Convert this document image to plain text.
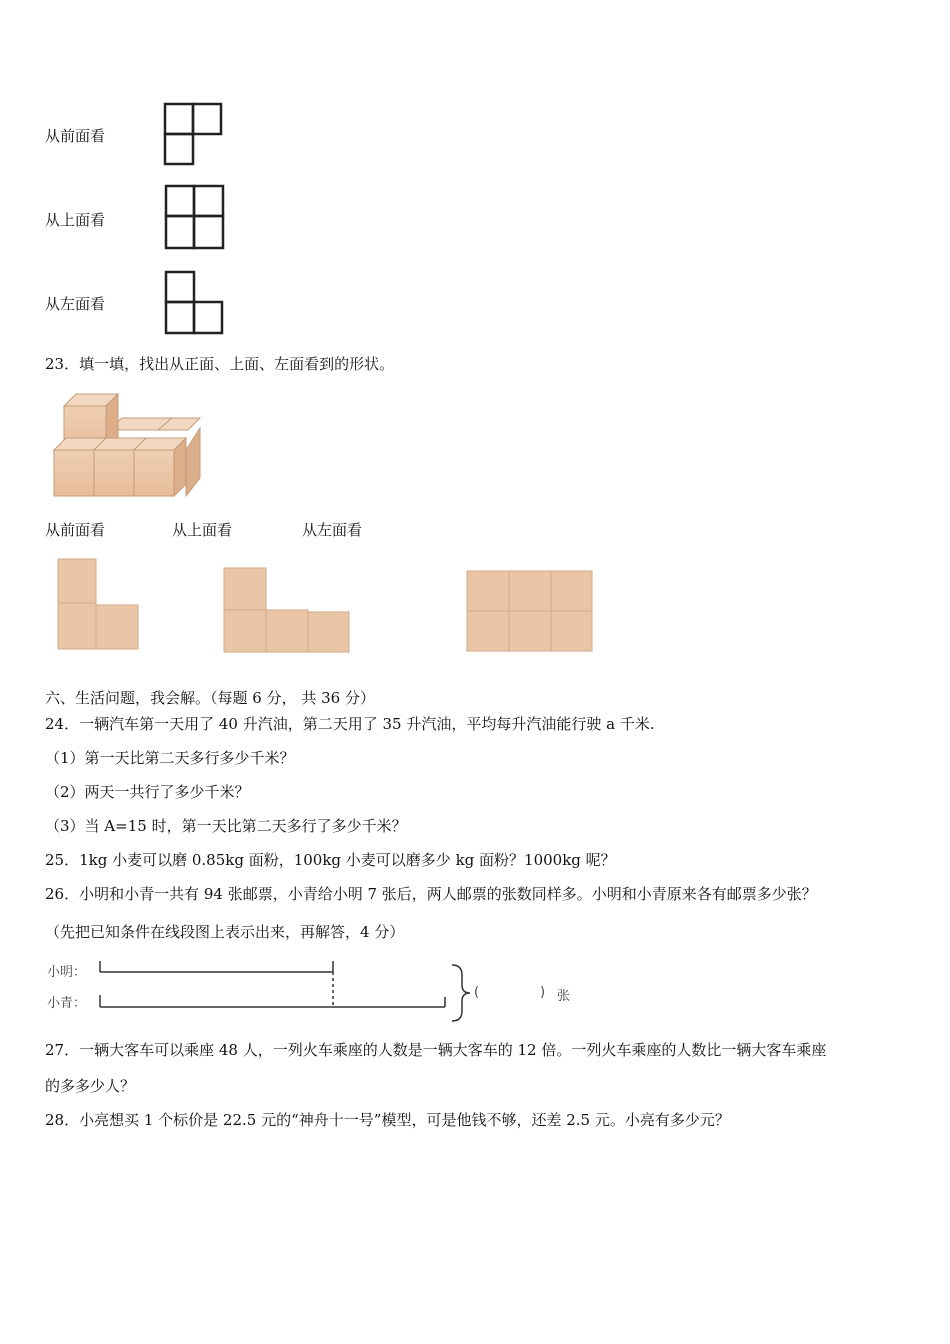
从前面看
从上面看
从左面看
23．填一填，找出从正面、上面、左面看到的形状。
从前面看	从上面看	从左面看
六、生活问题，我会解。（每题 6 分， 共 36 分）
24．一辆汽车第一天用了 40 升汽油，第二天用了 35 升汽油，平均每升汽油能行驶 a 千米.
（1）第一天比第二天多行多少千米？
（2）两天一共行了多少千米？
（3）当 A=15 时，第一天比第二天多行了多少千米？
25．1kg 小麦可以磨 0.85kg 面粉，100kg 小麦可以磨多少 kg 面粉？1000kg 呢？
26．小明和小青一共有 94 张邮票，小青给小明 7 张后，两人邮票的张数同样多。小明和小青原来各有邮票多少张？
（先把已知条件在线段图上表示出来，再解答，4 分）
小明：
小青：
(	) 张
27．一辆大客车可以乘座 48 人，一列火车乘座的人数是一辆大客车的 12 倍。一列火车乘座的人数比一辆大客车乘座
的多多少人？
28．小亮想买 1 个标价是 22.5 元的“神舟十一号”模型，可是他钱不够，还差 2.5 元。小亮有多少元？
